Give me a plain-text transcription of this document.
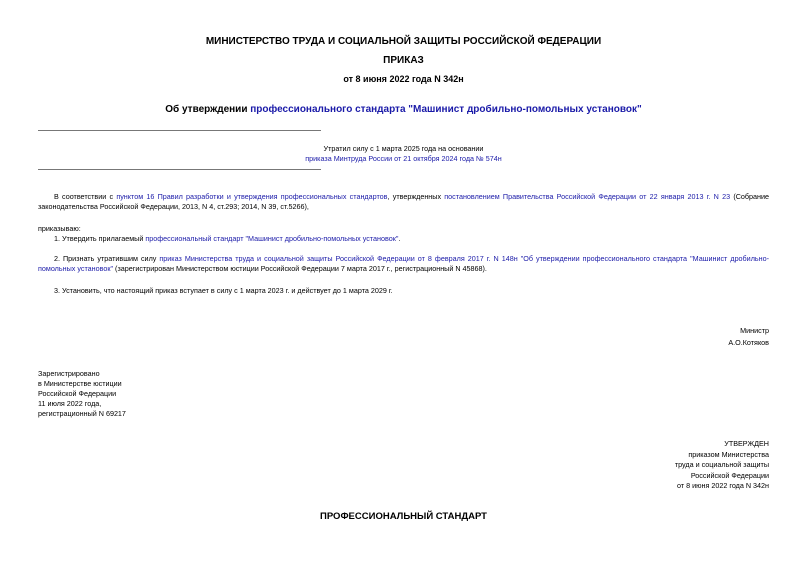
МИНИСТЕРСТВО ТРУДА И СОЦИАЛЬНОЙ ЗАЩИТЫ РОССИЙСКОЙ ФЕДЕРАЦИИ
ПРИКАЗ
от 8 июня 2022 года N 342н
Об утверждении профессионального стандарта "Машинист дробильно-помольных установок"
Утратил силу с 1 марта 2025 года на основании
приказа Минтруда России от 21 октября 2024 года № 574н
В соответствии с пунктом 16 Правил разработки и утверждения профессиональных стандартов, утвержденных постановлением Правительства Российской Федерации от 22 января 2013 г. N 23 (Собрание законодательства Российской Федерации, 2013, N 4, ст.293; 2014, N 39, ст.5266),
приказываю:
1. Утвердить прилагаемый профессиональный стандарт "Машинист дробильно-помольных установок".
2. Признать утратившим силу приказ Министерства труда и социальной защиты Российской Федерации от 8 февраля 2017 г. N 148н "Об утверждении профессионального стандарта "Машинист дробильно-помольных установок" (зарегистрирован Министерством юстиции Российской Федерации 7 марта 2017 г., регистрационный N 45868).
3. Установить, что настоящий приказ вступает в силу с 1 марта 2023 г. и действует до 1 марта 2029 г.
Министр
А.О.Котяков
Зарегистрировано
в Министерстве юстиции
Российской Федерации
11 июля 2022 года,
регистрационный N 69217
УТВЕРЖДЕН
приказом Министерства
труда и социальной защиты
Российской Федерации
от 8 июня 2022 года N 342н
ПРОФЕССИОНАЛЬНЫЙ СТАНДАРТ
